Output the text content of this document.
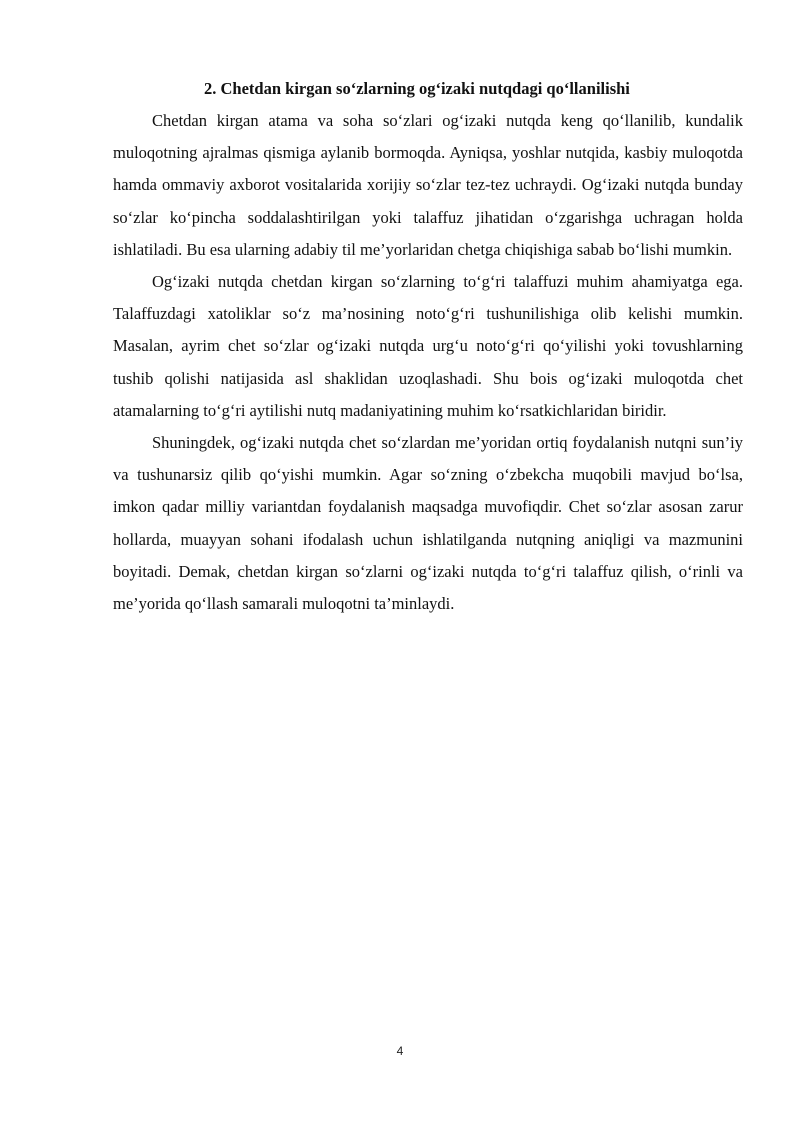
2. Chetdan kirgan so‘zlarning og‘izaki nutqdagi qo‘llanilishi

Chetdan kirgan atama va soha so‘zlari og‘izaki nutqda keng qo‘llanilib, kundalik muloqotning ajralmas qismiga aylanib bormoqda. Ayniqsa, yoshlar nutqida, kasbiy muloqotda hamda ommaviy axborot vositalarida xorijiy so‘zlar tez-tez uchraydi. Og‘izaki nutqda bunday so‘zlar ko‘pincha soddalashtirilgan yoki talaffuz jihatidan o‘zgarishga uchragan holda ishlatiladi. Bu esa ularning adabiy til me’yorlaridan chetga chiqishiga sabab bo‘lishi mumkin.

Og‘izaki nutqda chetdan kirgan so‘zlarning to‘g‘ri talaffuzi muhim ahamiyatga ega. Talaffuzdagi xatoliklar so‘z ma’nosining noto‘g‘ri tushunilishiga olib kelishi mumkin. Masalan, ayrim chet so‘zlar og‘izaki nutqda urg‘u noto‘g‘ri qo‘yilishi yoki tovushlarning tushib qolishi natijasida asl shaklidan uzoqlashadi. Shu bois og‘izaki muloqotda chet atamalarning to‘g‘ri aytilishi nutq madaniyatining muhim ko‘rsatkichlaridan biridir.

Shuningdek, og‘izaki nutqda chet so‘zlardan me’yoridan ortiq foydalanish nutqni sun’iy va tushunarsiz qilib qo‘yishi mumkin. Agar so‘zning o‘zbekcha muqobili mavjud bo‘lsa, imkon qadar milliy variantdan foydalanish maqsadga muvofiqdir. Chet so‘zlar asosan zarur hollarda, muayyan sohani ifodalash uchun ishlatilganda nutqning aniqligi va mazmunini boyitadi. Demak, chetdan kirgan so‘zlarni og‘izaki nutqda to‘g‘ri talaffuz qilish, o‘rinli va me’yorida qo‘llash samarali muloqotni ta’minlaydi.

4
